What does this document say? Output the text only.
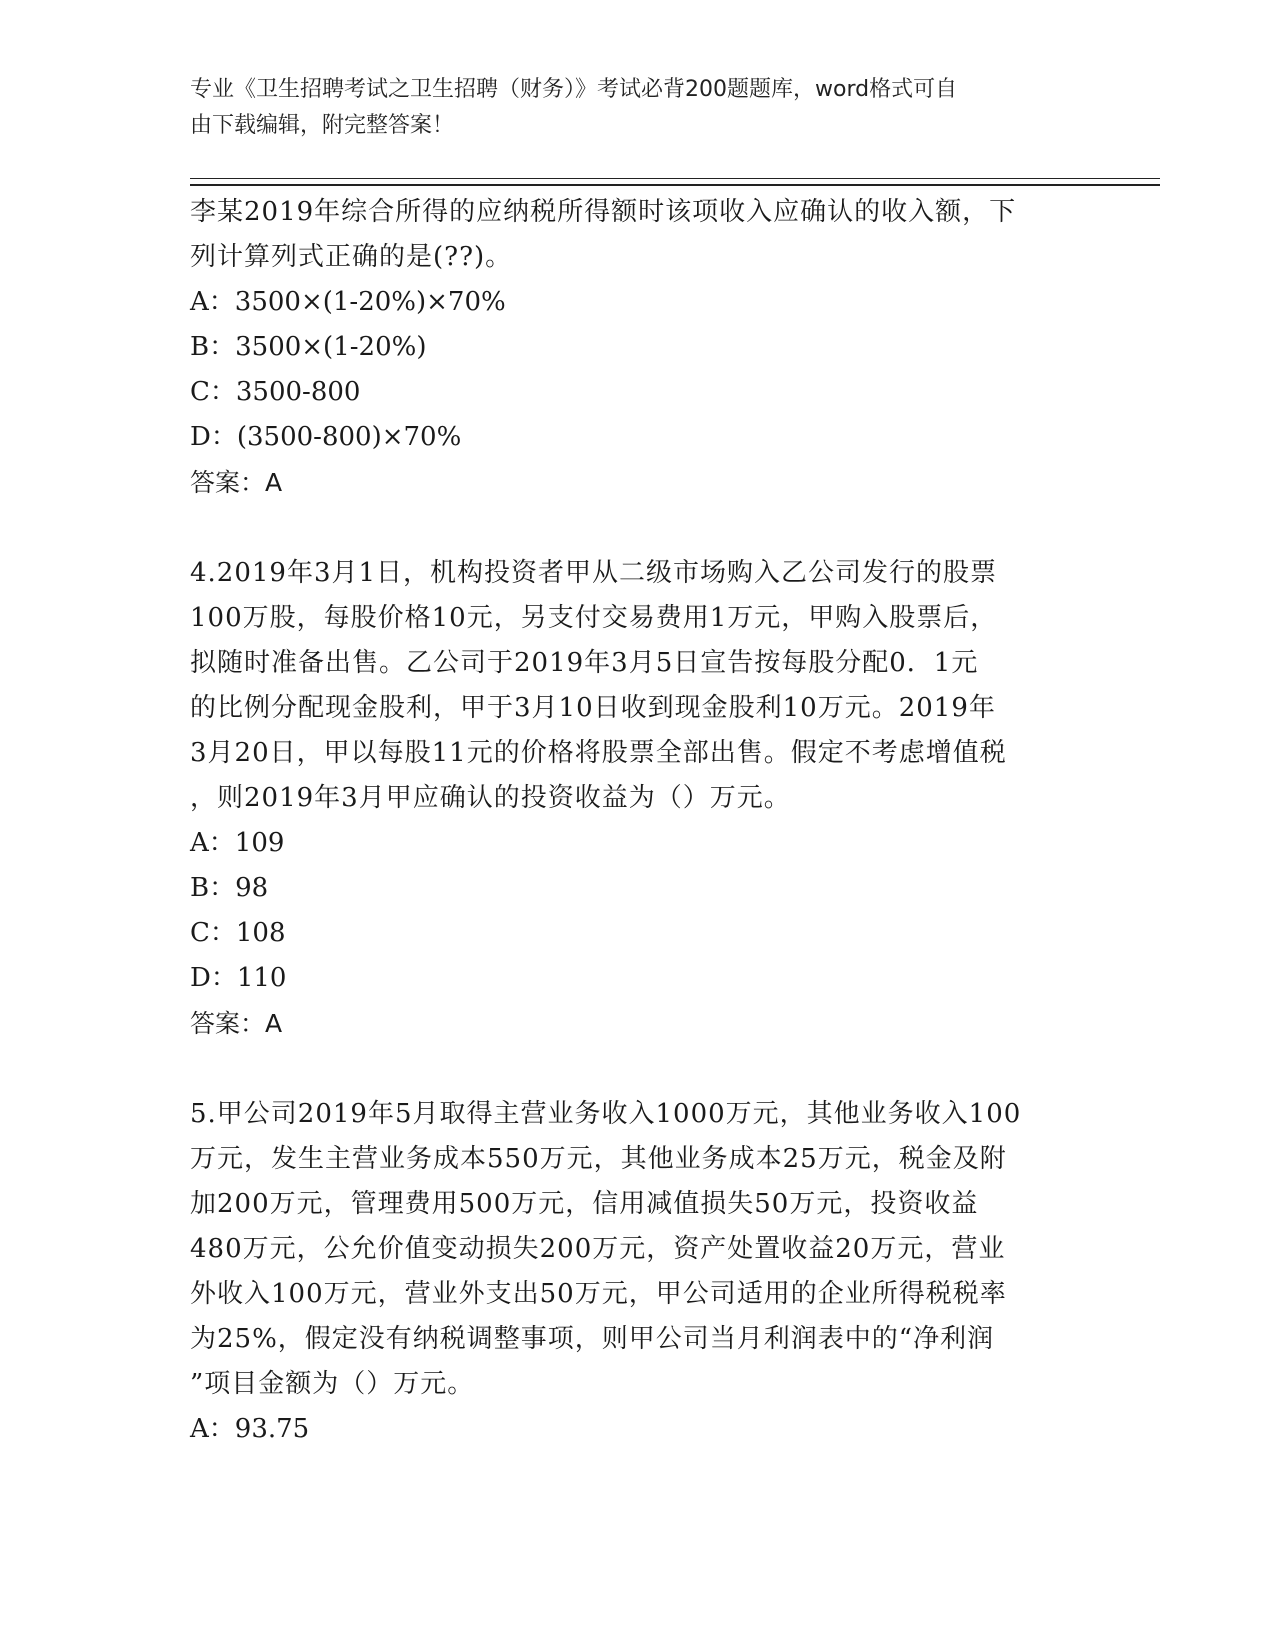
专业《卫生招聘考试之卫生招聘（财务）》考试必背200题题库，word格式可自
由下载编辑，附完整答案！

李某2019年综合所得的应纳税所得额时该项收入应确认的收入额，下

列计算列式正确的是(??)。

A：3500×(1-20%)×70%

B：3500×(1-20%)

C：3500-800

D：(3500-800)×70%

答案：A

4.2019年3月1日，机构投资者甲从二级市场购入乙公司发行的股票

100万股，每股价格10元，另支付交易费用1万元，甲购入股票后，

拟随时准备出售。乙公司于2019年3月5日宣告按每股分配0．1元

的比例分配现金股利，甲于3月10日收到现金股利10万元。2019年

3月20日，甲以每股11元的价格将股票全部出售。假定不考虑增值税

，则2019年3月甲应确认的投资收益为（）万元。

A：109

B：98

C：108

D：110

答案：A

5.甲公司2019年5月取得主营业务收入1000万元，其他业务收入100

万元，发生主营业务成本550万元，其他业务成本25万元，税金及附

加200万元，管理费用500万元，信用减值损失50万元，投资收益

480万元，公允价值变动损失200万元，资产处置收益20万元，营业

外收入100万元，营业外支出50万元，甲公司适用的企业所得税税率

为25%，假定没有纳税调整事项，则甲公司当月利润表中的“净利润

”项目金额为（）万元。

A：93.75
